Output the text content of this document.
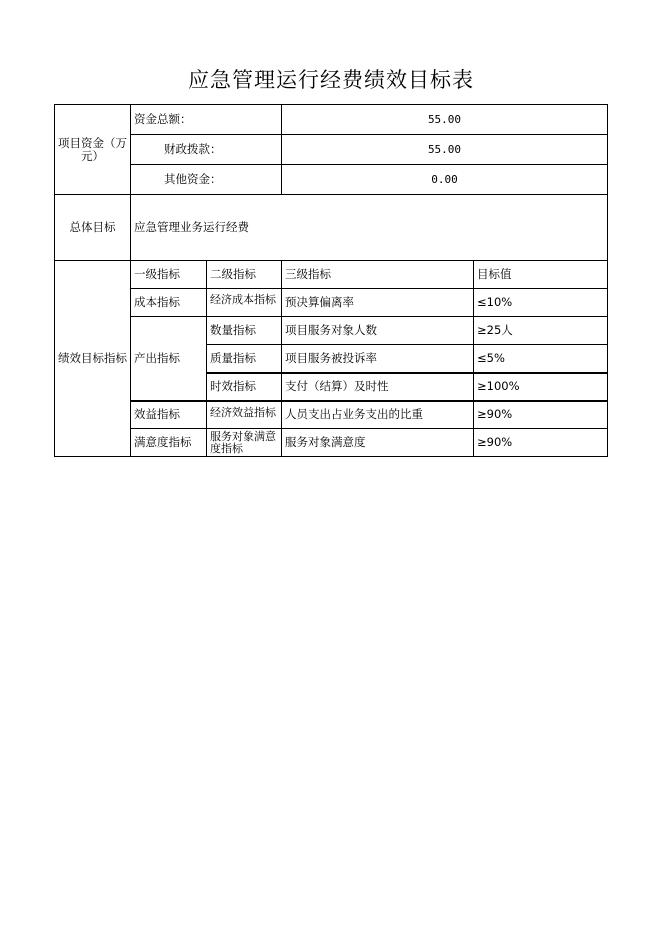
应急管理运行经费绩效目标表
项目资金（万元）	资金总额：		55.00	
	财政拨款：		55.00	
	其他资金：		0.00	
总体目标	应急管理业务运行经费			
绩效目标指标	一级指标	二级指标	三级指标	目标值
	成本指标	经济成本指标	预决算偏离率	≤10%
	产出指标	数量指标	项目服务对象人数	≥25人
		质量指标	项目服务被投诉率	≤5%
		时效指标	支付（结算）及时性	≥100%
	效益指标	经济效益指标	人员支出占业务支出的比重	≥90%
	满意度指标	服务对象满意度指标	服务对象满意度	≥90%
